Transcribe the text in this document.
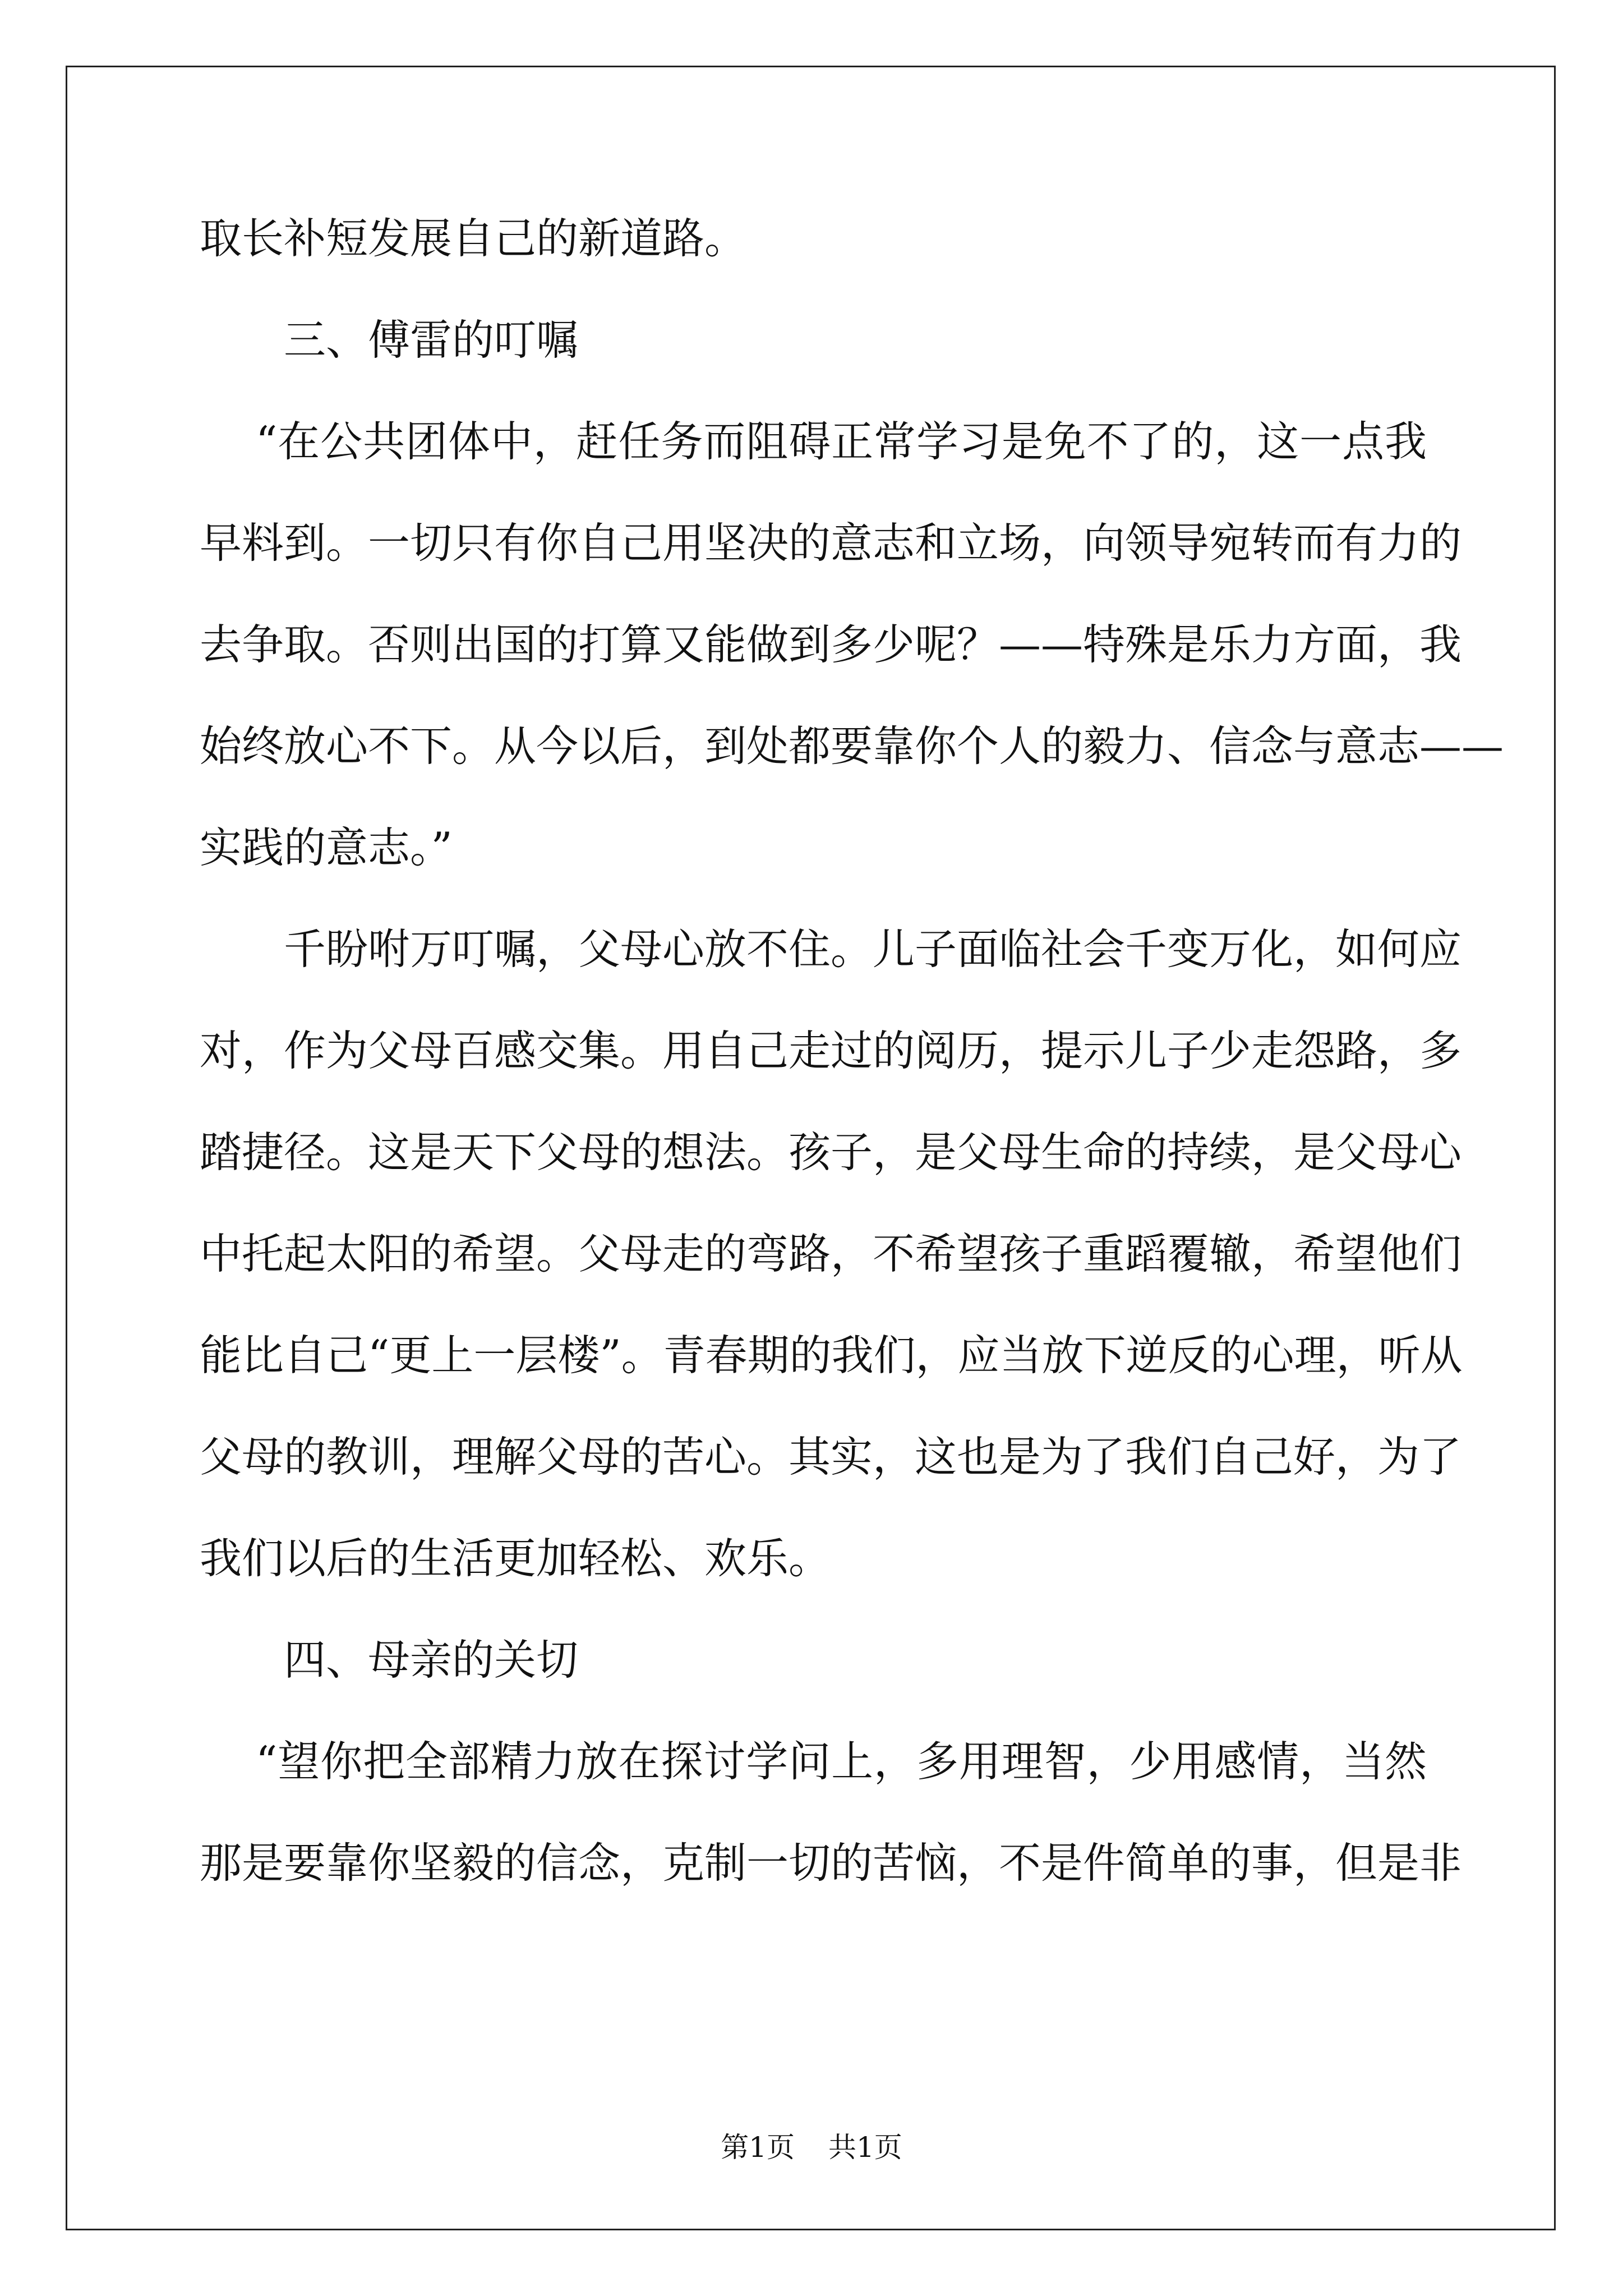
取长补短发展自己的新道路。
三、傅雷的叮嘱
“在公共团体中，赶任务而阻碍正常学习是免不了的，这一点我
早料到。一切只有你自己用坚决的意志和立场，向领导宛转而有力的
去争取。否则出国的打算又能做到多少呢？——特殊是乐力方面，我
始终放心不下。从今以后，到处都要靠你个人的毅力、信念与意志——
实践的意志。”
千盼咐万叮嘱，父母心放不住。儿子面临社会千变万化，如何应
对，作为父母百感交集。用自己走过的阅历，提示儿子少走怨路，多
踏捷径。这是天下父母的想法。孩子，是父母生命的持续，是父母心
中托起太阳的希望。父母走的弯路，不希望孩子重蹈覆辙，希望他们
能比自己“更上一层楼”。青春期的我们，应当放下逆反的心理，听从
父母的教训，理解父母的苦心。其实，这也是为了我们自己好，为了
我们以后的生活更加轻松、欢乐。
四、母亲的关切
“望你把全部精力放在探讨学问上，多用理智，少用感情，当然
那是要靠你坚毅的信念，克制一切的苦恼，不是件简单的事，但是非
第1页 共1页
